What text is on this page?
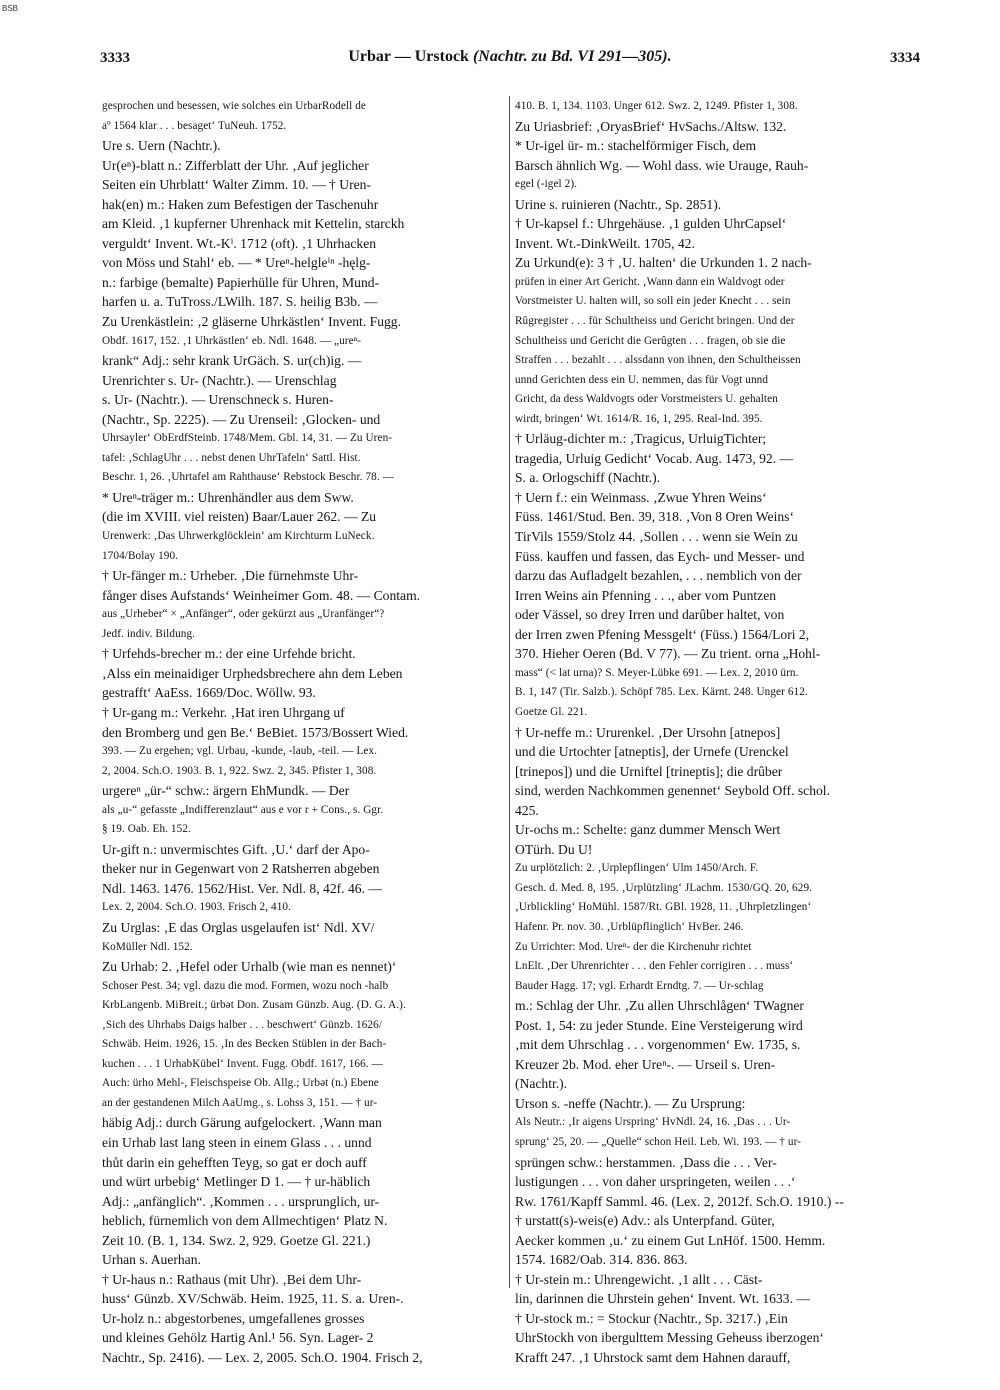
BSB
3333	Urbar — Urstock (Nachtr. zu Bd. VI 291—305).	3334
gesprochen und besessen, wie solches ein UrbarRodell de
aº 1564 klar . . . besaget‘ TuNeuh. 1752.
Ure s. Uern (Nachtr.).
Ur(eⁿ)-blatt n.: Zifferblatt der Uhr. ‚Auf jeglicher
Seiten ein Uhrblatt‘ Walter Zimm. 10. — † Uren-
hak(en) m.: Haken zum Befestigen der Taschenuhr
am Kleid. ‚1 kupferner Uhrenhack mit Kettelin, starckh
verguldt‘ Invent. Wt.-Kⁱ. 1712 (oft). ‚1 Uhrhacken
von Möss und Stahl‘ eb. — * Ureⁿ-helgleⁱⁿ -hęlg-
n.: farbige (bemalte) Papierhülle für Uhren, Mund-
harfen u. a. TuTross./LWilh. 187. S. heilig B3b. —
Zu Urenkästlein: ‚2 gläserne Uhrkästlen‘ Invent. Fugg.
Obdf. 1617, 152. ‚1 Uhrkästlen‘ eb. Ndl. 1648. — „ureⁿ-
krank“ Adj.: sehr krank UrGäch. S. ur(ch)ig. —
Urenrichter s. Ur- (Nachtr.). — Urenschlag
s. Ur- (Nachtr.). — Urenschneck s. Huren-
(Nachtr., Sp. 2225). — Zu Urenseil: ‚Glocken- und
Uhrsayler‘ ObErdfSteinb. 1748/Mem. Gbl. 14, 31. — Zu Uren-
tafel: ‚SchlagUhr . . . nebst denen UhrTafeln‘ Sattl. Hist.
Beschr. 1, 26. ‚Uhrtafel am Rahthause‘ Rebstock Beschr. 78. —
* Ureⁿ-träger m.: Uhrenhändler aus dem Sww.
(die im XVIII. viel reisten) Baar/Lauer 262. — Zu
Urenwerk: ‚Das Uhrwerkglöcklein‘ am Kirchturm LuNeck.
1704/Bolay 190.
† Ur-fänger m.: Urheber. ‚Die fürnehmste Uhr-
fånger dises Aufstands‘ Weinheimer Gom. 48. — Contam.
aus „Urheber“ × „Anfänger“, oder gekürzt aus „Uranfänger“?
Jedf. indiv. Bildung.
† Urfehds-brecher m.: der eine Urfehde bricht.
‚Alss ein meinaidiger Urphedsbrechere ahn dem Leben
gestrafft‘ AaEss. 1669/Doc. Wöllw. 93.
† Ur-gang m.: Verkehr. ‚Hat iren Uhrgang uf
den Bromberg und gen Be.‘ BeBiet. 1573/Bossert Wied.
393. — Zu ergehen; vgl. Urbau, -kunde, -laub, -teil. — Lex.
2, 2004. Sch.O. 1903. B. 1, 922. Swz. 2, 345. Pfister 1, 308.
urgereⁿ „ür-“ schw.: ärgern EhMundk. — Der
als „u-“ gefasste „Indifferenzlaut“ aus e vor r + Cons., s. Ggr.
§ 19. Oab. Eh. 152.
Ur-gift n.: unvermischtes Gift. ‚U.‘ darf der Apo-
theker nur in Gegenwart von 2 Ratsherren abgeben
Ndl. 1463. 1476. 1562/Hist. Ver. Ndl. 8, 42f. 46. —
Lex. 2, 2004. Sch.O. 1903. Frisch 2, 410.
Zu Urglas: ‚E das Orglas usgelaufen ist‘ Ndl. XV/
KoMüller Ndl. 152.
Zu Urhab: 2. ‚Hefel oder Urhalb (wie man es nennet)‘
Schoser Pest. 34; vgl. dazu die mod. Formen, wozu noch -halb
KrbLangenb. MiBreit.; ürbǝt Don. Zusam Günzb. Aug. (D. G. A.).
‚Sich des Uhrhabs Daigs halber . . . beschwert‘ Günzb. 1626/
Schwäb. Heim. 1926, 15. ‚In des Becken Stüblen in der Bach-
kuchen . . . 1 UrhabKübel‘ Invent. Fugg. Obdf. 1617, 166. —
Auch: ürho Mehl-, Fleischspeise Ob. Allg.; Urbǝt (n.) Ebene
an der gestandenen Milch AaUmg., s. Lohss 3, 151. — † ur-
häbig Adj.: durch Gärung aufgelockert. ‚Wann man
ein Urhab last lang steen in einem Glass . . . unnd
thůt darin ein gehefften Teyg, so gat er doch auff
und würt urbebig‘ Metlinger D 1. — † ur-häblich
Adj.: „anfänglich“. ‚Kommen . . . ursprunglich, ur-
heblich, fürnemlich von dem Allmechtigen‘ Platz N.
Zeit 10. (B. 1, 134. Swz. 2, 929. Goetze Gl. 221.)
Urhan s. Auerhan.
† Ur-haus n.: Rathaus (mit Uhr). ‚Bei dem Uhr-
huss‘ Günzb. XV/Schwäb. Heim. 1925, 11. S. a. Uren-.
Ur-holz n.: abgestorbenes, umgefallenes grosses
und kleines Gehölz Hartig Anl.¹ 56. Syn. Lager- 2
Nachtr., Sp. 2416). — Lex. 2, 2005. Sch.O. 1904. Frisch 2,
410. B. 1, 134. 1103. Unger 612. Swz. 2, 1249. Pfister 1, 308.
Zu Uriasbrief: ‚OryasBrief‘ HvSachs./Altsw. 132.
* Ur-igel ür- m.: stachelförmiger Fisch, dem
Barsch ähnlich Wg. — Wohl dass. wie Urauge, Rauh-
egel (-igel 2).
Urine s. ruinieren (Nachtr., Sp. 2851).
† Ur-kapsel f.: Uhrgehäuse. ‚1 gulden UhrCapsel‘
Invent. Wt.-DinkWeilt. 1705, 42.
Zu Urkund(e): 3 † ‚U. halten‘ die Urkunden 1. 2 nach-
prüfen in einer Art Gericht. ‚Wann dann ein Waldvogt oder
Vorstmeister U. halten will, so soll ein jeder Knecht . . . sein
Rûgregister . . . für Schultheiss und Gericht bringen. Und der
Schultheiss und Gericht die Gerûgten . . . fragen, ob sie die
Straffen . . . bezahlt . . . alssdann von ihnen, den Schultheissen
unnd Gerichten dess ein U. nemmen, das für Vogt unnd
Gricht, da dess Waldvogts oder Vorstmeisters U. gehalten
wirdt, bringen‘ Wt. 1614/R. 16, 1, 295. Real-Ind. 395.
† Urläug-dichter m.: ‚Tragicus, UrluigTichter;
tragedia, Urluig Gedicht‘ Vocab. Aug. 1473, 92. —
S. a. Orlogschiff (Nachtr.).
† Uern f.: ein Weinmass. ‚Zwue Yhren Weins‘
Füss. 1461/Stud. Ben. 39, 318. ‚Von 8 Oren Weins‘
TirVils 1559/Stolz 44. ‚Sollen . . . wenn sie Wein zu
Füss. kauffen und fassen, das Eych- und Messer- und
darzu das Aufladgelt bezahlen, . . . nemblich von der
Irren Weins ain Pfenning . . ., aber vom Puntzen
oder Vässel, so drey Irren und darûber haltet, von
der Irren zwen Pfening Messgelt‘ (Füss.) 1564/Lori 2,
370. Hieher Oeren (Bd. V 77). — Zu trient. orna „Hohl-
mass“ (< lat urna)? S. Meyer-Lübke 691. — Lex. 2, 2010 ürn.
B. 1, 147 (Tir. Salzb.). Schöpf 785. Lex. Kärnt. 248. Unger 612.
Goetze Gl. 221.
† Ur-neffe m.: Ururenkel. ‚Der Ursohn [atnepos]
und die Urtochter [atneptis], der Urnefe (Urenckel
[trinepos]) und die Urniftel [trineptis]; die drûber
sind, werden Nachkommen genennet‘ Seybold Off. schol.
425.
Ur-ochs m.: Schelte: ganz dummer Mensch Wert
OTürh. Du U!
Zu urplötzlich: 2. ‚Urplepflingen‘ Ulm 1450/Arch. F.
Gesch. d. Med. 8, 195. ‚Urplützling‘ JLachm. 1530/GQ. 20, 629.
‚Urblickling‘ HoMühl. 1587/Rt. GBl. 1928, 11. ‚Uhrpletzlingen‘
Hafenr. Pr. nov. 30. ‚Urblüpflinglich‘ HvBer. 246.
Zu Urrichter: Mod. Ureⁿ- der die Kirchenuhr richtet
LnElt. ‚Der Uhrenrichter . . . den Fehler corrigiren . . . muss‘
Bauder Hagg. 17; vgl. Erhardt Erndtg. 7. — Ur-schlag
m.: Schlag der Uhr. ‚Zu allen Uhrschlågen‘ TWagner
Post. 1, 54: zu jeder Stunde. Eine Versteigerung wird
‚mit dem Uhrschlag . . . vorgenommen‘ Ew. 1735, s.
Kreuzer 2b. Mod. eher Ureⁿ-. — Urseil s. Uren-
(Nachtr.).
Urson s. -neffe (Nachtr.). — Zu Ursprung:
Als Neutr.: ‚Ir aigens Urspring‘ HvNdl. 24, 16. ‚Das . . . Ur-
sprung‘ 25, 20. — „Quelle“ schon Heil. Leb. Wi. 193. — † ur-
sprüngen schw.: herstammen. ‚Dass die . . . Ver-
lustigungen . . . von daher urspringeten, weilen . . .‘
Rw. 1761/Kapff Samml. 46. (Lex. 2, 2012f. Sch.O. 1910.) --
† urstatt(s)-weis(e) Adv.: als Unterpfand. Güter,
Aecker kommen ‚u.‘ zu einem Gut LnHöf. 1500. Hemm.
1574. 1682/Oab. 314. 836. 863.
† Ur-stein m.: Uhrengewicht. ‚1 allt . . . Cäst-
lin, darinnen die Uhrstein gehen‘ Invent. Wt. 1633. —
† Ur-stock m.: = Stockur (Nachtr., Sp. 3217.) ‚Ein
UhrStockh von ibergulttem Messing Geheuss iberzogen‘
Krafft 247. ‚1 Uhrstock samt dem Hahnen darauff,
